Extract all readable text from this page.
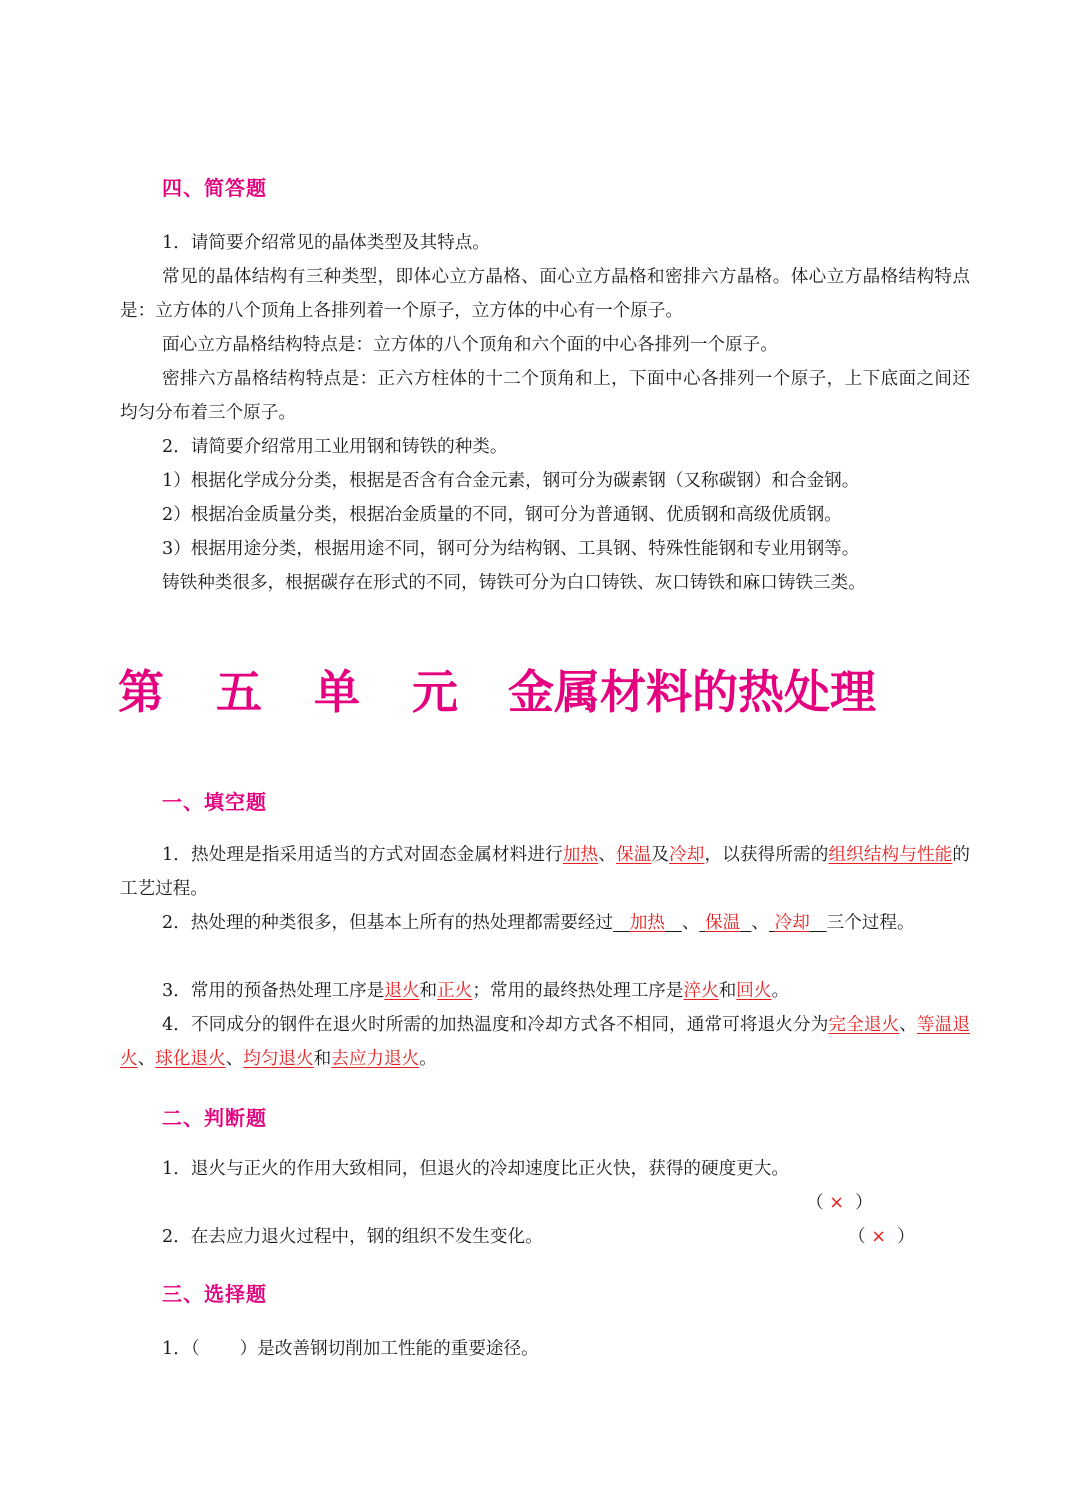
四、简答题
1．请简要介绍常见的晶体类型及其特点。
常见的晶体结构有三种类型，即体心立方晶格、面心立方晶格和密排六方晶格。体心立方晶格结构特点是：立方体的八个顶角上各排列着一个原子，立方体的中心有一个原子。
面心立方晶格结构特点是：立方体的八个顶角和六个面的中心各排列一个原子。
密排六方晶格结构特点是：正六方柱体的十二个顶角和上，下面中心各排列一个原子，上下底面之间还均匀分布着三个原子。
2．请简要介绍常用工业用钢和铸铁的种类。
1）根据化学成分分类，根据是否含有合金元素，钢可分为碳素钢（又称碳钢）和合金钢。
2）根据冶金质量分类，根据冶金质量的不同，钢可分为普通钢、优质钢和高级优质钢。
3）根据用途分类，根据用途不同，钢可分为结构钢、工具钢、特殊性能钢和专业用钢等。
铸铁种类很多，根据碳存在形式的不同，铸铁可分为白口铸铁、灰口铸铁和麻口铸铁三类。
第 五 单 元 金属材料的热处理
一、填空题
1．热处理是指采用适当的方式对固态金属材料进行加热、保温及冷却，以获得所需的组织结构与性能的工艺过程。
2．热处理的种类很多，但基本上所有的热处理都需要经过 加热 、 保温 、 冷却 三个过程。
3．常用的预备热处理工序是退火和正火；常用的最终热处理工序是淬火和回火。
4．不同成分的钢件在退火时所需的加热温度和冷却方式各不相同，通常可将退火分为完全退火、等温退火、球化退火、均匀退火和去应力退火。
二、判断题
1．退火与正火的作用大致相同，但退火的冷却速度比正火快，获得的硬度更大。
（ × ）
2．在去应力退火过程中，钢的组织不发生变化。	（ × ）
三、选择题
1．（ ）是改善钢切削加工性能的重要途径。
